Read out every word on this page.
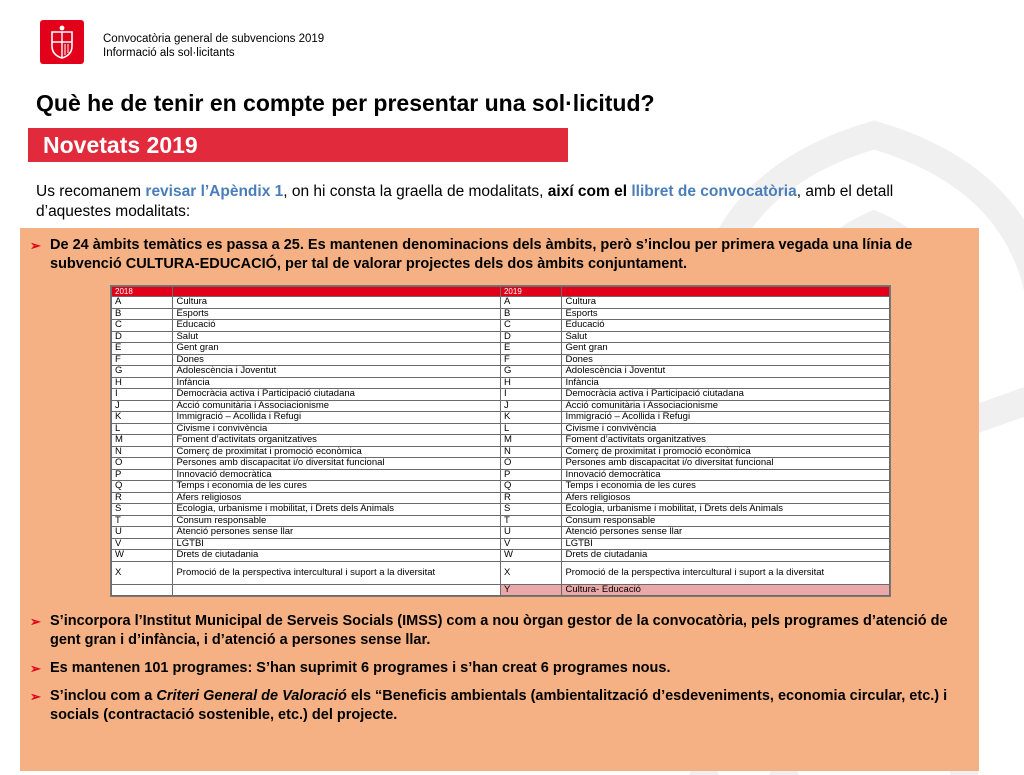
Convocatòria general de subvencions 2019
Informació als sol·licitants
Què he de tenir en compte per presentar una sol·licitud?
Novetats 2019
Us recomanem revisar l’Apèndix 1, on hi consta la graella de modalitats, així com el llibret de convocatòria, amb el detall d’aquestes modalitats:
➢ De 24 àmbits temàtics es passa a 25. Es mantenen denominacions dels àmbits, però s’inclou per primera vegada una línia de subvenció CULTURA-EDUCACIÓ, per tal de valorar projectes dels dos àmbits conjuntament.
2018		2019	
A	Cultura	A	Cultura
B	Esports	B	Esports
C	Educació	C	Educació
D	Salut	D	Salut
E	Gent gran	E	Gent gran
F	Dones	F	Dones
G	Adolescència i Joventut	G	Adolescència i Joventut
H	Infància	H	Infància
I	Democràcia activa i Participació ciutadana	I	Democràcia activa i Participació ciutadana
J	Acció comunitària i Associacionisme	J	Acció comunitària i Associacionisme
K	Immigració – Acollida i Refugi	K	Immigració – Acollida i Refugi
L	Civisme i convivència	L	Civisme i convivència
M	Foment d’activitats organitzatives	M	Foment d’activitats organitzatives
N	Comerç de proximitat i promoció econòmica	N	Comerç de proximitat i promoció econòmica
O	Persones amb discapacitat i/o diversitat funcional	O	Persones amb discapacitat i/o diversitat funcional
P	Innovació democràtica	P	Innovació democràtica
Q	Temps i economia de les cures	Q	Temps i economia de les cures
R	Afers religiosos	R	Afers religiosos
S	Ecologia, urbanisme i mobilitat, i Drets dels Animals	S	Ecologia, urbanisme i mobilitat, i Drets dels Animals
T	Consum responsable	T	Consum responsable
U	Atenció persones sense llar	U	Atenció persones sense llar
V	LGTBI	V	LGTBI
W	Drets de ciutadania	W	Drets de ciutadania
X	Promoció de la perspectiva intercultural i suport a la diversitat	X	Promoció de la perspectiva intercultural i suport a la diversitat
		Y	Cultura- Educació
➢ S’incorpora l’Institut Municipal de Serveis Socials (IMSS) com a nou òrgan gestor de la convocatòria, pels programes d’atenció de gent gran i d’infància, i d’atenció a persones sense llar.
➢ Es mantenen 101 programes: S’han suprimit 6 programes i s’han creat 6 programes nous.
➢ S’inclou com a Criteri General de Valoració els “Beneficis ambientals (ambientalització d’esdeveniments, economia circular, etc.) i socials (contractació sostenible, etc.) del projecte.
